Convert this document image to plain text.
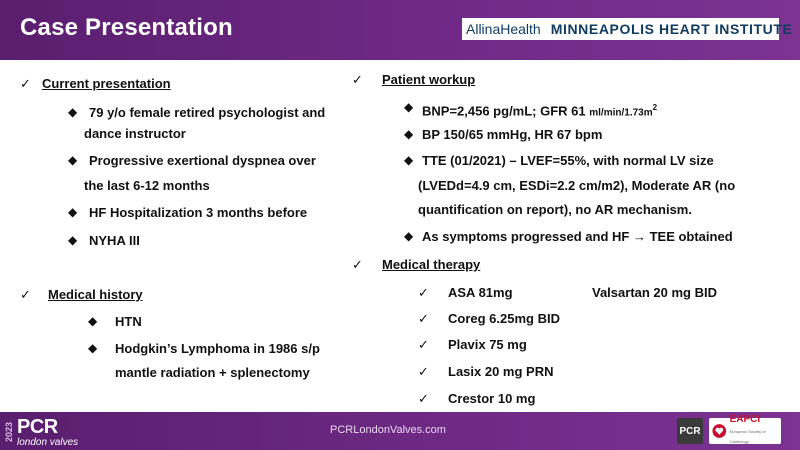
Case Presentation	AllinaHealth MINNEAPOLIS HEART INSTITUTE
✓ Current presentation
◆ 79 y/o female retired psychologist and
dance instructor
◆ Progressive exertional dyspnea over
the last 6-12 months
◆ HF Hospitalization 3 months before
◆ NYHA III
✓ Medical history
◆ HTN
◆ Hodgkin’s Lymphoma in 1986 s/p
mantle radiation + splenectomy
✓ Patient workup
◆ BNP=2,456 pg/mL; GFR 61 $ml/\min/1.73m^2$
◆ BP 150/65 mmHg, HR 67 bpm
◆ TTE (01/2021) – LVEF=55%, with normal LV size
(LVEDd=4.9 cm, ESDi=2.2 cm/m2), Moderate AR (no
quantification on report), no AR mechanism.
◆ As symptoms progressed and HF → TEE obtained
✓ Medical therapy
✓ ASA 81mg	Valsartan 20 mg BID
✓ Coreg 6.25mg BID
✓ Plavix 75 mg
✓ Lasix 20 mg PRN
✓ Crestor 10 mg
2023 PCR
london valves
PCRLondonValves.com	PCR
EAPCI
European Society of Cardiology
